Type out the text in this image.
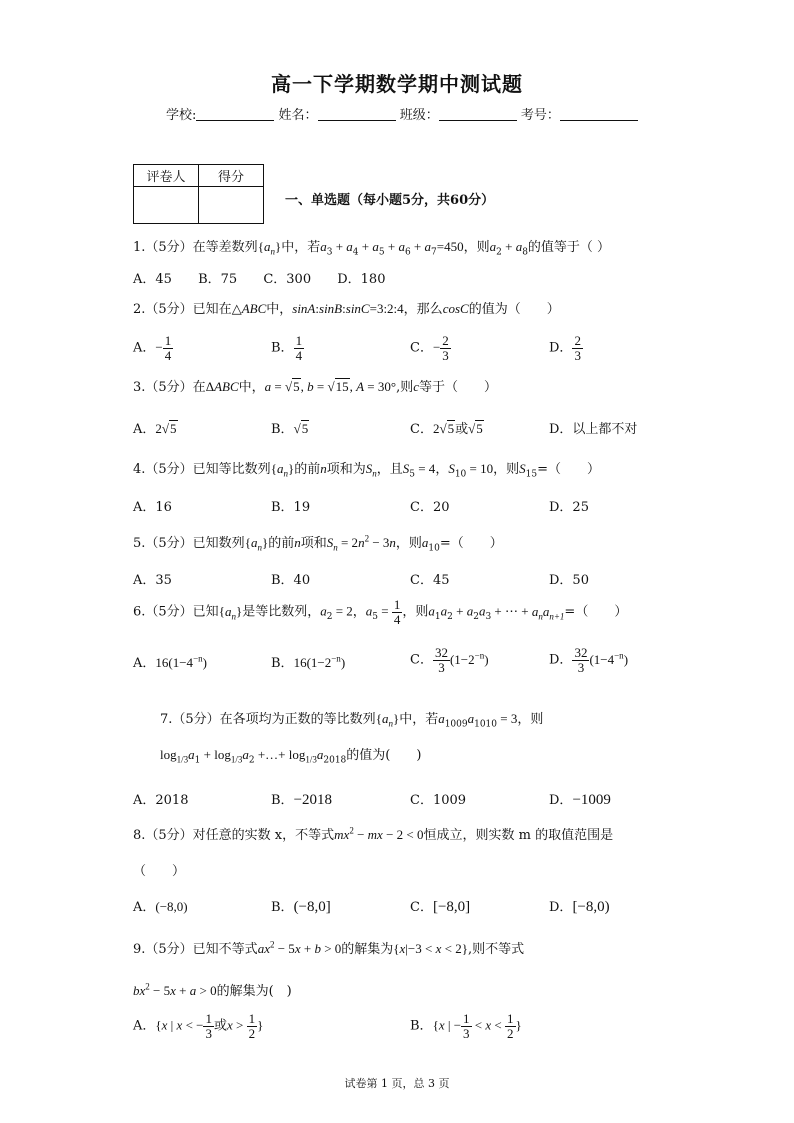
高一下学期数学期中测试题
学校:	姓名：	班级：	考号：
评卷人	得分

一、单选题（每小题5分，共60分）
1.（5分）在等差数列$\{a_n\}$中，若$a_3 + a_4 + a_5 + a_6 + a_7=450$，则$a_2 + a_8$的值等于（ ）
A．45 B．75 C．300 D．180
2.（5分）已知在△ABC中，sinA:sinB:sinC=3:2:4，那么cosC的值为（　　）
A．− $\frac{1}{4}$	B． $\frac{1}{4}$	C．− $\frac{2}{3}$	D． $\frac{2}{3}$
3.（5分）在ΔABC中，a = √5, b = √15, A = 30°,则c等于（　　）
A．2√5	B．√5	C．2√5或√5	D．以上都不对
4.（5分）已知等比数列$\{a_n\}$的前n项和为$S_n$，且$S_5 = 4$，$S_{10} = 10$，则$S_{15}=$（　　）
A．16	B．19	C．20	D．25
5.（5分）已知数列$\{a_n\}$的前n项和$S_n = 2n^2 - 3n$，则$a_{10}=$（　　）
A．35	B．40	C．45	D．50
6.（5分）已知$\{a_n\}$是等比数列，$a_2 = 2$，$a_5 = \frac{1}{4}$ ，则$a_1a_2 + a_2a_3$ + ⋯ + $a_na_{n+1}=$（　　）
A．$16(1-4^{-n})$	B．$16(1-2^{-n})$	C． $\frac{32}{3} (1-2^{-n})$	D． $\frac{32}{3} (1-4^{-n})$
7.（5分）在各项均为正数的等比数列$\{a_n\}$中，若$a_{1009}a_{1010} = 3$，则
$\log_{1/3}a_1 + \log_{1/3}a_2$ +…+ $\log_{1/3}a_{2018}$的值为(　　)
A．2018	B．−2018	C．1009	D．−1009
8.（5分）对任意的实数 x，不等式$mx^2$ − mx − 2 < 0恒成立，则实数 m 的取值范围是
（　　）
A．(−8,0)	B．(−8,0]	C．[−8,0]	D．[−8,0)
9.（5分）已知不等式$ax^2 - 5x + b > 0$的解集为{x|−3 < x < 2},则不等式
$bx^2 - 5x + a > 0$的解集为(　)
A．{x | x < − $\frac{1}{3}$ 或$x > \frac{1}{2}$ }	B．{x | − $\frac{1}{3} < x < \frac{1}{2}$ }
试卷第 1 页，总 3 页
